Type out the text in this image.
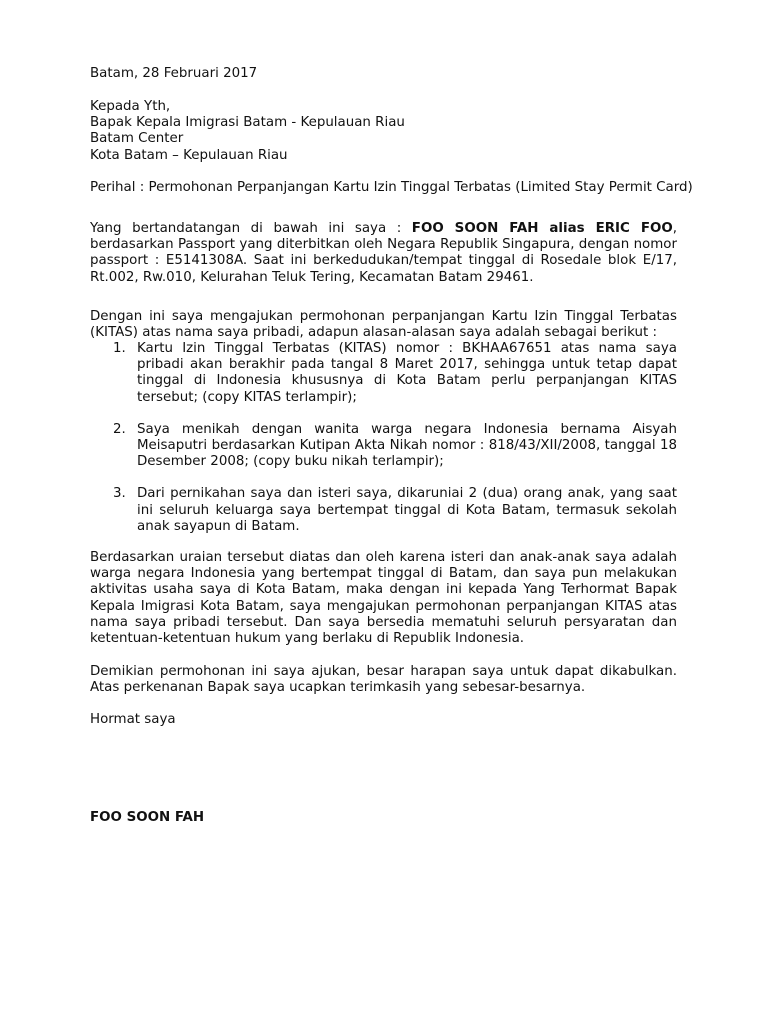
Batam, 28 Februari 2017

Kepada Yth,
Bapak Kepala Imigrasi Batam - Kepulauan Riau
Batam Center
Kota Batam – Kepulauan Riau

Perihal : Permohonan Perpanjangan Kartu Izin Tinggal Terbatas (Limited Stay Permit Card)

Yang bertandatangan di bawah ini saya : FOO SOON FAH alias ERIC FOO, berdasarkan Passport yang diterbitkan oleh Negara Republik Singapura, dengan nomor passport : E5141308A. Saat ini berkedudukan/tempat tinggal di Rosedale blok E/17, Rt.002, Rw.010, Kelurahan Teluk Tering, Kecamatan Batam 29461.

Dengan ini saya mengajukan permohonan perpanjangan Kartu Izin Tinggal Terbatas (KITAS) atas nama saya pribadi, adapun alasan-alasan saya adalah sebagai berikut :

1. Kartu Izin Tinggal Terbatas (KITAS) nomor : BKHAA67651 atas nama saya pribadi akan berakhir pada tangal 8 Maret 2017, sehingga untuk tetap dapat tinggal di Indonesia khususnya di Kota Batam perlu perpanjangan KITAS tersebut; (copy KITAS terlampir);
2. Saya menikah dengan wanita warga negara Indonesia bernama Aisyah Meisaputri berdasarkan Kutipan Akta Nikah nomor : 818/43/XII/2008, tanggal 18 Desember 2008; (copy buku nikah terlampir);
3. Dari pernikahan saya dan isteri saya, dikaruniai 2 (dua) orang anak, yang saat ini seluruh keluarga saya bertempat tinggal di Kota Batam, termasuk sekolah anak sayapun di Batam.

Berdasarkan uraian tersebut diatas dan oleh karena isteri dan anak-anak saya adalah warga negara Indonesia yang bertempat tinggal di Batam, dan saya pun melakukan aktivitas usaha saya di Kota Batam, maka dengan ini kepada Yang Terhormat Bapak Kepala Imigrasi Kota Batam, saya mengajukan permohonan perpanjangan KITAS atas nama saya pribadi tersebut. Dan saya bersedia mematuhi seluruh persyaratan dan ketentuan-ketentuan hukum yang berlaku di Republik Indonesia.

Demikian permohonan ini saya ajukan, besar harapan saya untuk dapat dikabulkan. Atas perkenanan Bapak saya ucapkan terimkasih yang sebesar-besarnya.

Hormat saya

FOO SOON FAH
